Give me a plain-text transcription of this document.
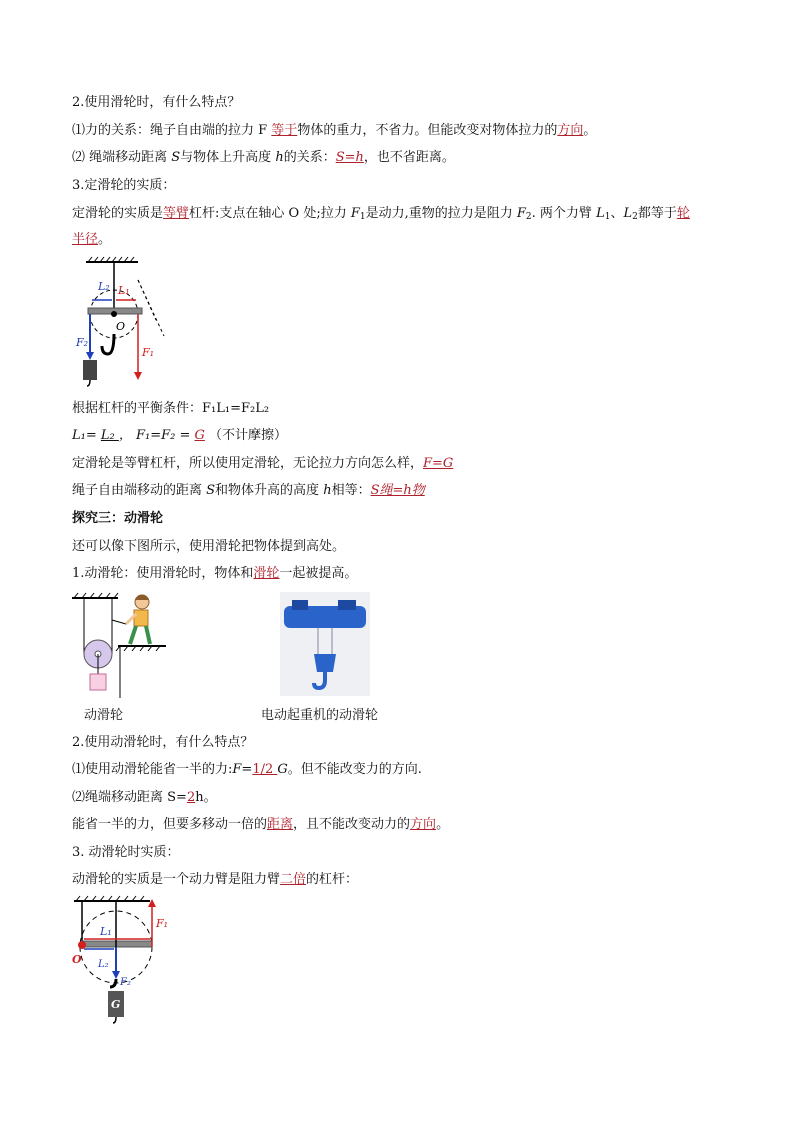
2.使用滑轮时，有什么特点？
⑴力的关系：绳子自由端的拉力 F 等于物体的重力，不省力。但能改变对物体拉力的方向。
⑵ 绳端移动距离 S与物体上升高度 h的关系：S=h，也不省距离。
3.定滑轮的实质：
定滑轮的实质是等臂杠杆:支点在轴心 O 处;拉力 $F_1$是动力,重物的拉力是阻力 $F_2$. 两个力臂 $L_1$、$L_2$都等于轮
半径。
L₂ L₁
O
F₂
F₁
根据杠杆的平衡条件：F₁L₁=F₂L₂
L₁= L₂ ， F₁=F₂ = G （不计摩擦）
定滑轮是等臂杠杆，所以使用定滑轮，无论拉力方向怎么样，F=G
绳子自由端移动的距离 S和物体升高的高度 h相等：S绳=h物
探究三：动滑轮
还可以像下图所示，使用滑轮把物体提到高处。
1.动滑轮：使用滑轮时，物体和滑轮一起被提高。
动滑轮	电动起重机的动滑轮
2.使用动滑轮时，有什么特点？
⑴使用动滑轮能省一半的力:F=1/2 G。但不能改变力的方向.
⑵绳端移动距离 S=2h。
能省一半的力，但要多移动一倍的距离，且不能改变动力的方向。
3. 动滑轮时实质：
动滑轮的实质是一个动力臂是阻力臂二倍的杠杆：
L₁
F₁
O L₂
F₂
G
